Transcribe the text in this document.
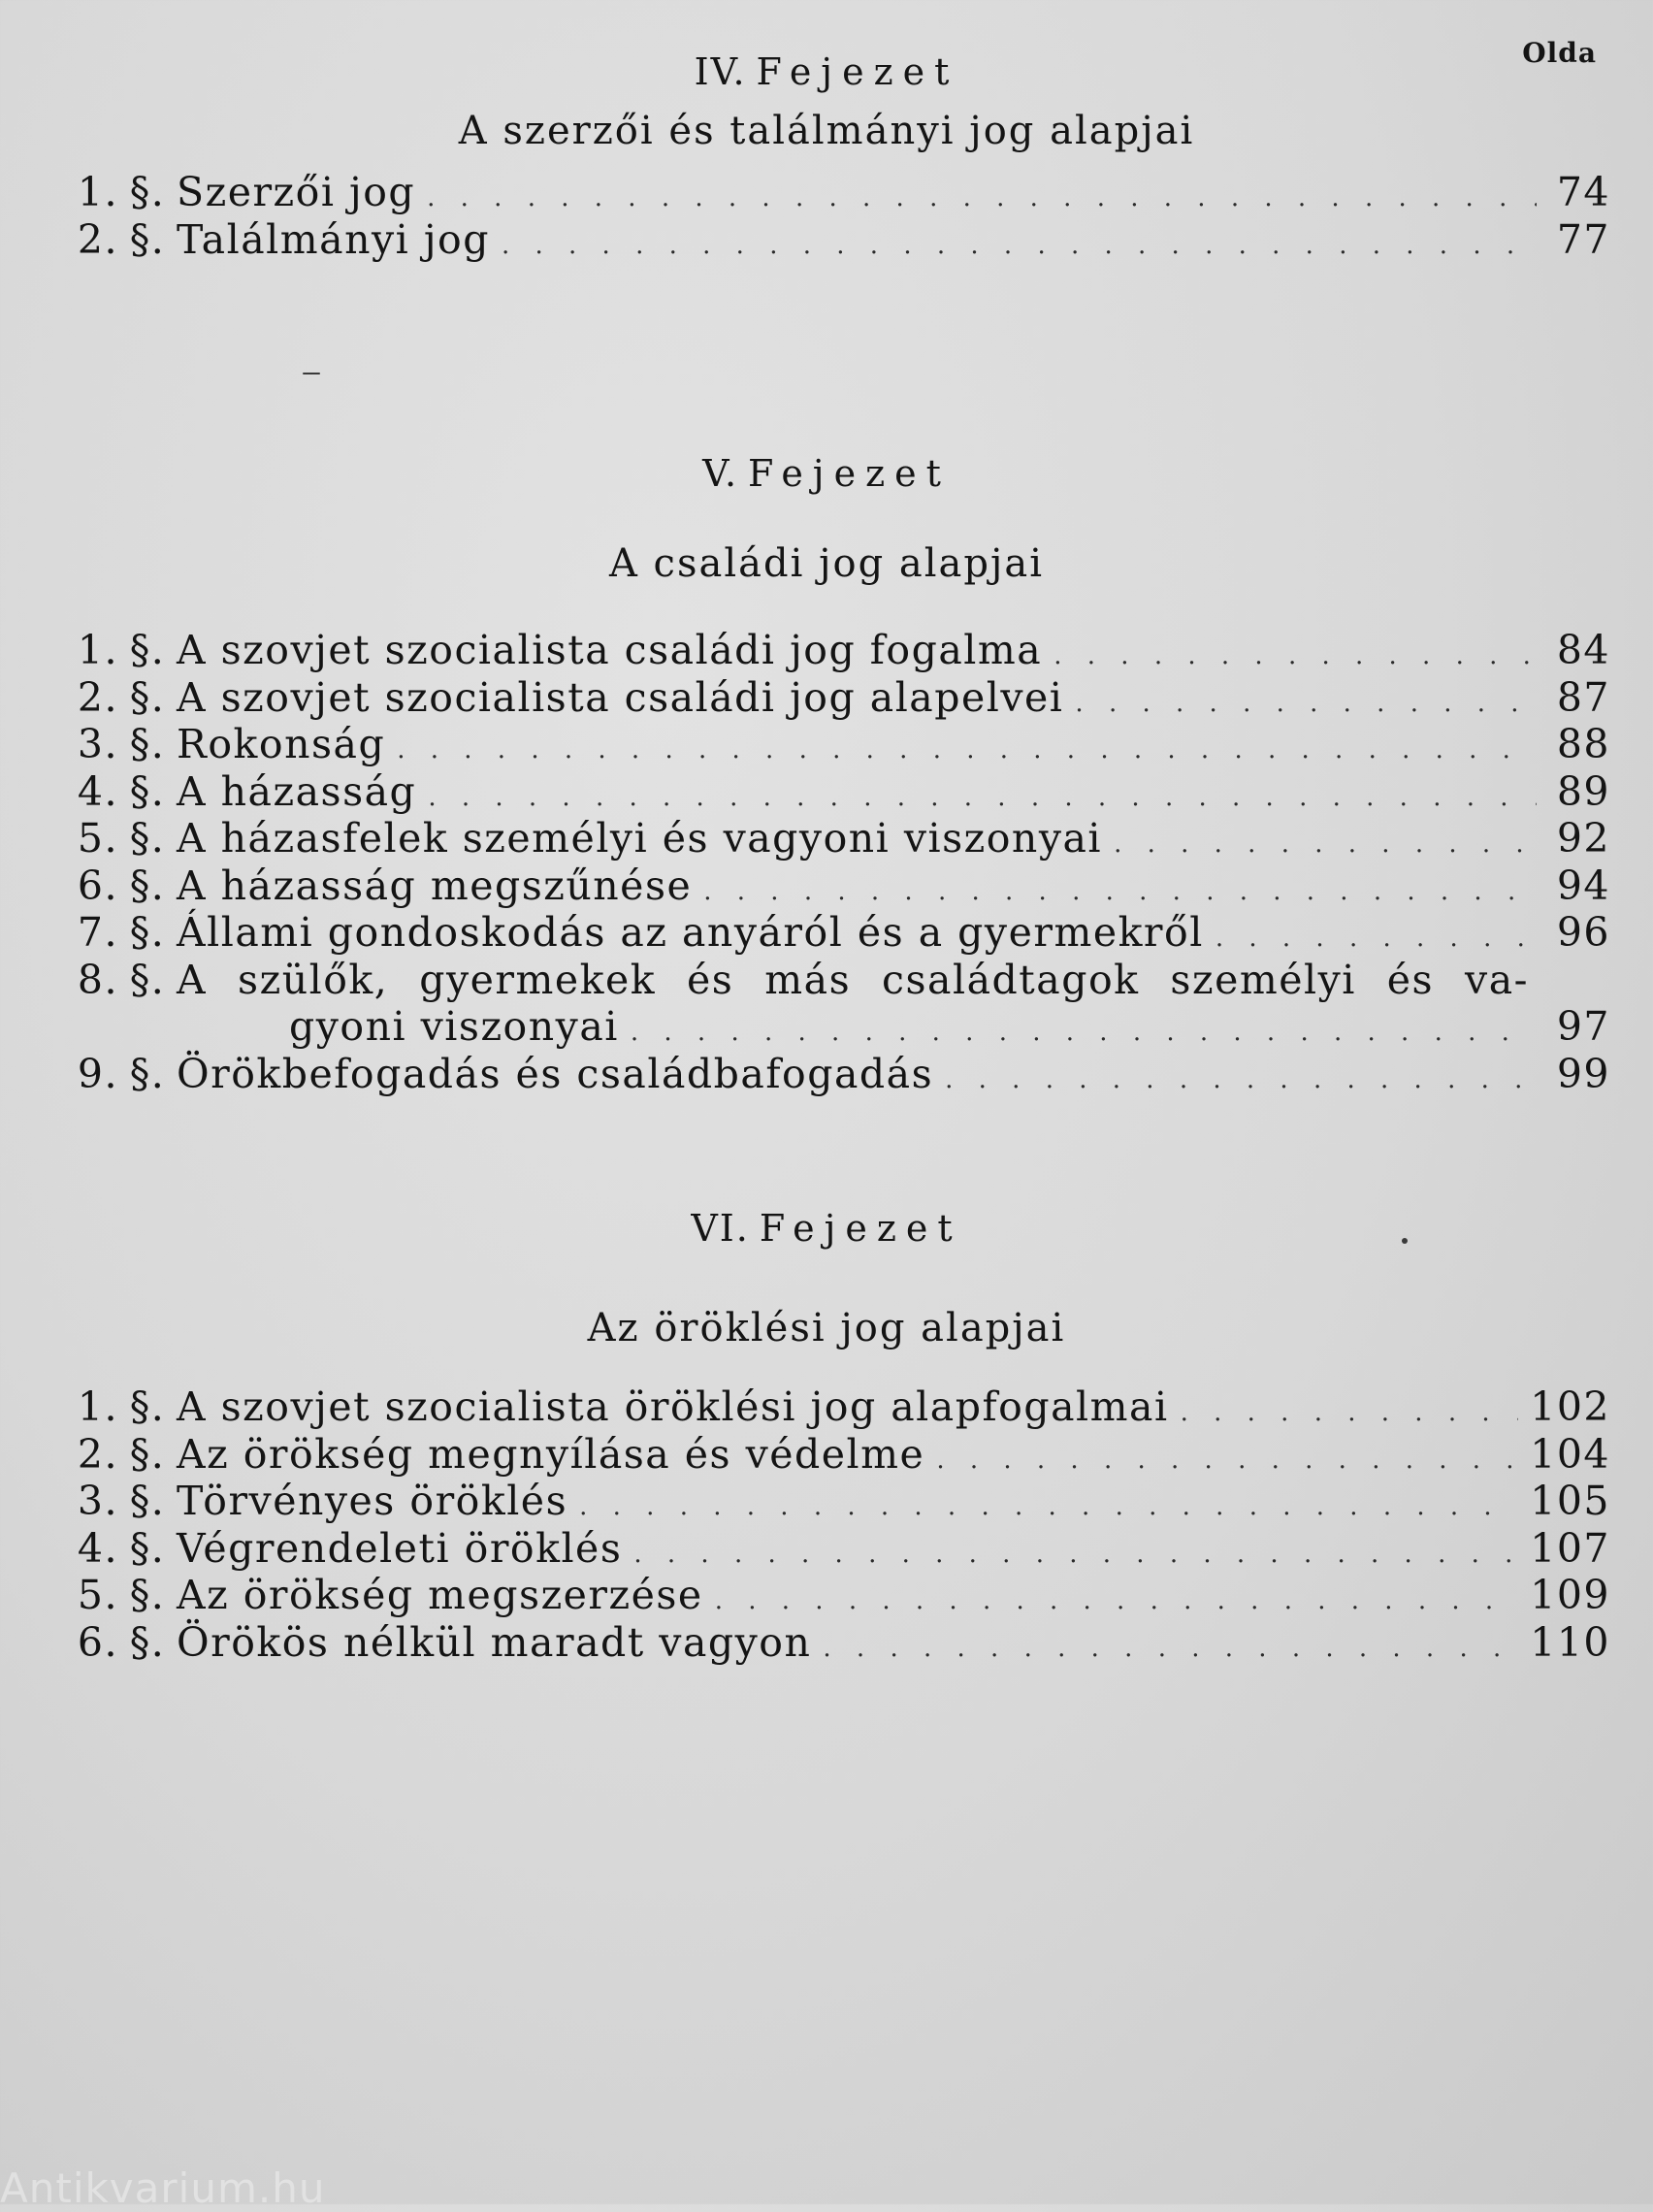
Olda
IV. Fejezet
A szerzői és találmányi jog alapjai
1. §. Szerzői jog . . .	74
2. §. Találmányi jog . . .	77
V. Fejezet
A családi jog alapjai
1. §. A szovjet szocialista családi jog fogalma . . .	84
2. §. A szovjet szocialista családi jog alapelvei . . .	87
3. §. Rokonság . . .	88
4. §. A házasság . . .	89
5. §. A házasfelek személyi és vagyoni viszonyai . . .	92
6. §. A házasság megszűnése . . .	94
7. §. Állami gondoskodás az anyáról és a gyermekről . . .	96
8. §. A szülők, gyermekek és más családtagok személyi és va-
gyoni viszonyai . . .	97
9. §. Örökbefogadás és családbafogadás . . .	99
VI. Fejezet
Az öröklési jog alapjai
1. §. A szovjet szocialista öröklési jog alapfogalmai . . .	102
2. §. Az örökség megnyílása és védelme . . .	104
3. §. Törvényes öröklés . . .	105
4. §. Végrendeleti öröklés . . .	107
5. §. Az örökség megszerzése . . .	109
6. §. Örökös nélkül maradt vagyon . . .	110
Antikvarium.hu
